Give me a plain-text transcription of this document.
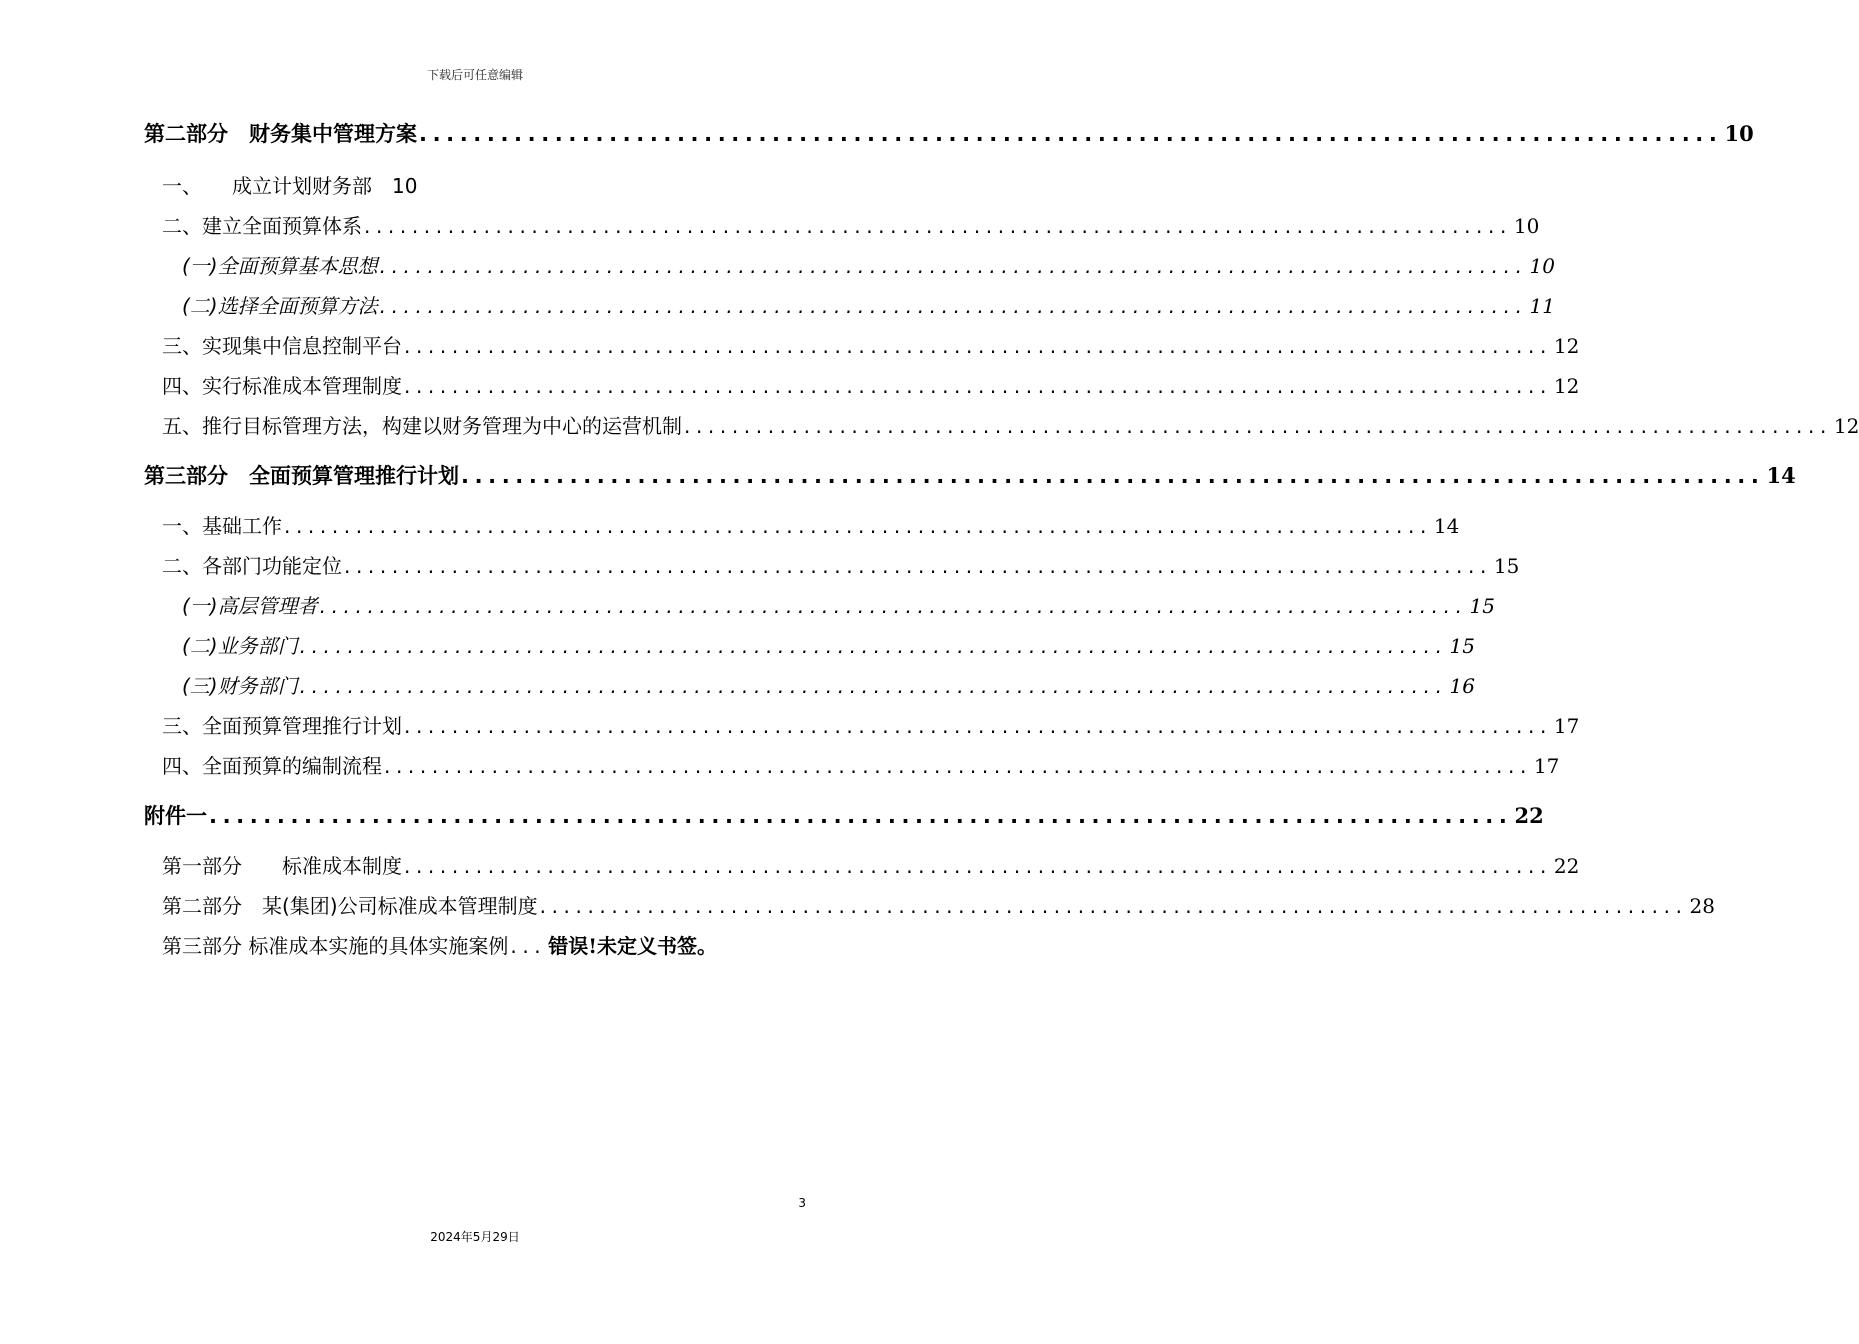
下载后可任意编辑
第二部分　财务集中管理方案 ................................................................................................ 10
一、　　成立计划财务部　10
二、建立全面预算体系 ................................................................................................ 10
(一)全面预算基本思想 ................................................................................................ 10
(二)选择全面预算方法 ................................................................................................ 11
三、实现集中信息控制平台 ................................................................................................ 12
四、实行标准成本管理制度 ................................................................................................ 12
五、推行目标管理方法，构建以财务管理为中心的运营机制 ................................................................................................ 12
第三部分　全面预算管理推行计划 ................................................................................................ 14
一、基础工作 ................................................................................................ 14
二、各部门功能定位 ................................................................................................ 15
(一)高层管理者 ................................................................................................ 15
(二)业务部门 ................................................................................................ 15
(三)财务部门 ................................................................................................ 16
三、全面预算管理推行计划 ................................................................................................ 17
四、全面预算的编制流程 ................................................................................................ 17
附件一 ................................................................................................ 22
第一部分　　标准成本制度 ................................................................................................ 22
第二部分　某(集团)公司标准成本管理制度 ................................................................................................ 28
第三部分 标准成本实施的具体实施案例 ... 错误!未定义书签。
3
2024年5月29日
